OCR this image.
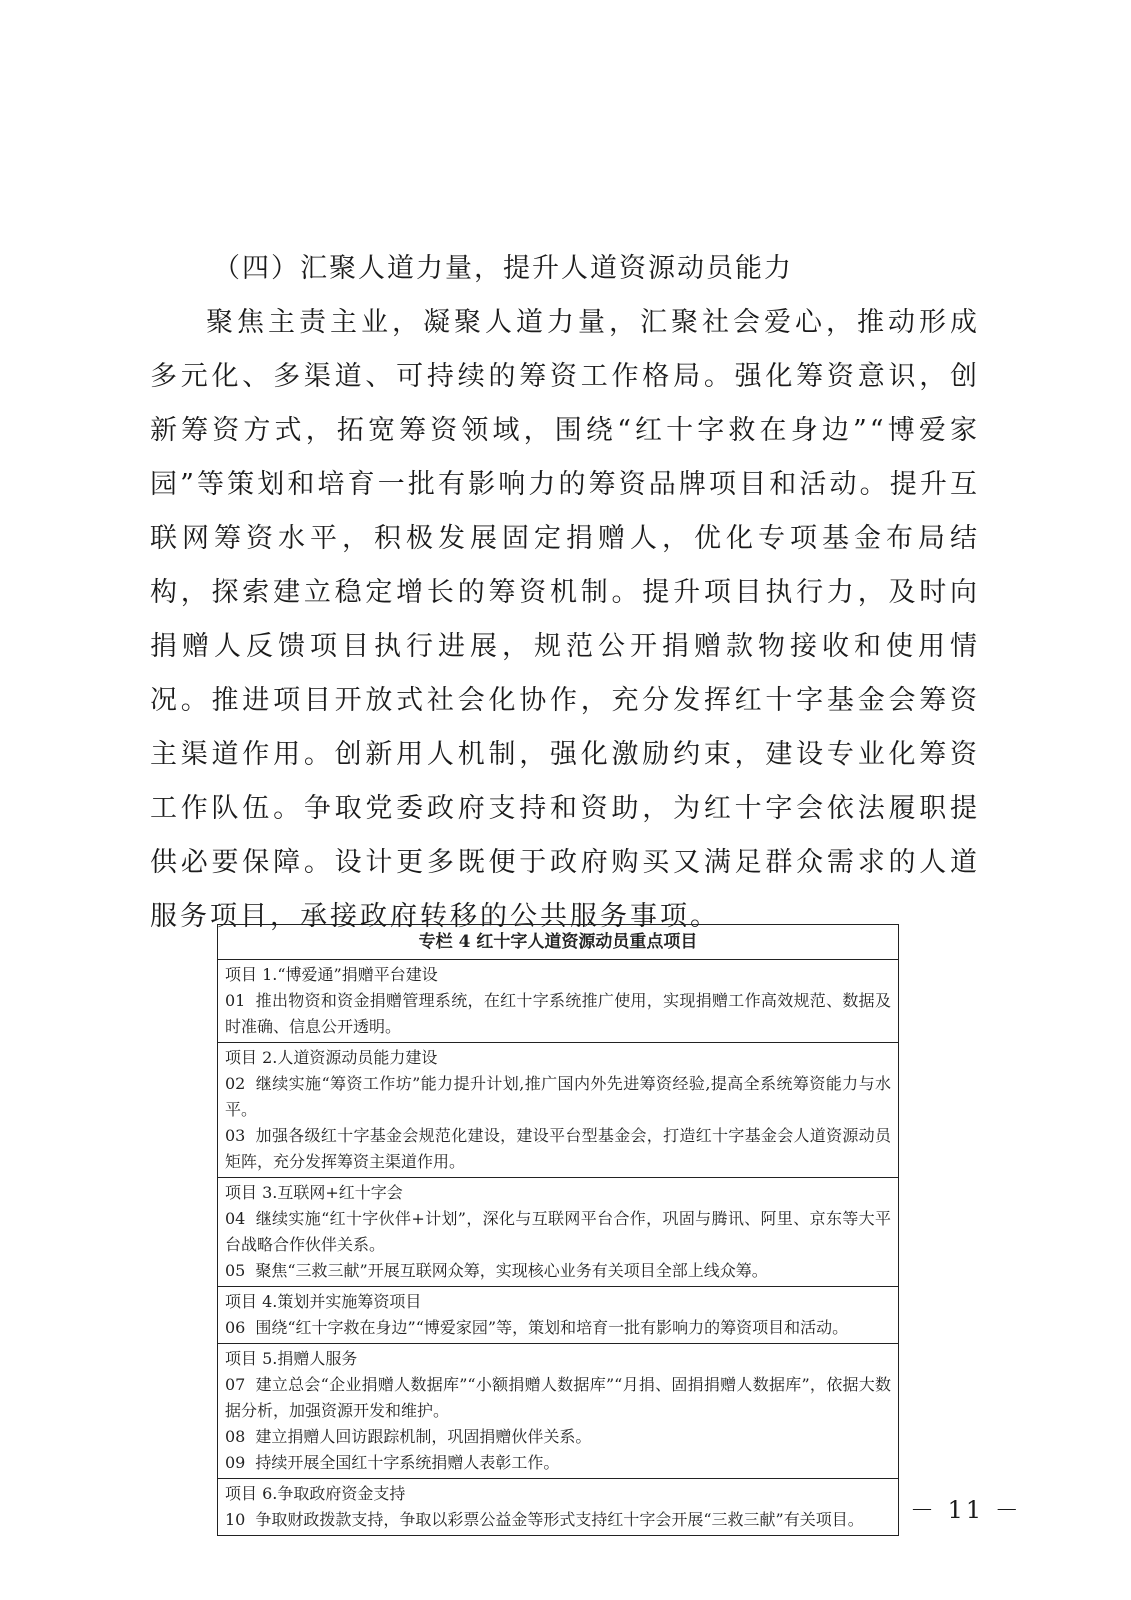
（四）汇聚人道力量，提升人道资源动员能力

聚焦主责主业，凝聚人道力量，汇聚社会爱心，推动形成多元化、多渠道、可持续的筹资工作格局。强化筹资意识，创新筹资方式，拓宽筹资领域，围绕“红十字救在身边”“博爱家园”等策划和培育一批有影响力的筹资品牌项目和活动。提升互联网筹资水平，积极发展固定捐赠人，优化专项基金布局结构，探索建立稳定增长的筹资机制。提升项目执行力，及时向捐赠人反馈项目执行进展，规范公开捐赠款物接收和使用情况。推进项目开放式社会化协作，充分发挥红十字基金会筹资主渠道作用。创新用人机制，强化激励约束，建设专业化筹资工作队伍。争取党委政府支持和资助，为红十字会依法履职提供必要保障。设计更多既便于政府购买又满足群众需求的人道服务项目，承接政府转移的公共服务事项。

专栏 4 红十字人道资源动员重点项目
项目 1.“博爱通”捐赠平台建设
01 推出物资和资金捐赠管理系统，在红十字系统推广使用，实现捐赠工作高效规范、数据及时准确、信息公开透明。
项目 2.人道资源动员能力建设
02 继续实施“筹资工作坊”能力提升计划,推广国内外先进筹资经验,提高全系统筹资能力与水平。
03 加强各级红十字基金会规范化建设，建设平台型基金会，打造红十字基金会人道资源动员矩阵，充分发挥筹资主渠道作用。
项目 3.互联网+红十字会
04 继续实施“红十字伙伴+计划”，深化与互联网平台合作，巩固与腾讯、阿里、京东等大平台战略合作伙伴关系。
05 聚焦“三救三献”开展互联网众筹，实现核心业务有关项目全部上线众筹。
项目 4.策划并实施筹资项目
06 围绕“红十字救在身边”“博爱家园”等，策划和培育一批有影响力的筹资项目和活动。
项目 5.捐赠人服务
07 建立总会“企业捐赠人数据库”“小额捐赠人数据库”“月捐、固捐捐赠人数据库”，依据大数据分析，加强资源开发和维护。
08 建立捐赠人回访跟踪机制，巩固捐赠伙伴关系。
09 持续开展全国红十字系统捐赠人表彰工作。
项目 6.争取政府资金支持
10 争取财政拨款支持，争取以彩票公益金等形式支持红十字会开展“三救三献”有关项目。	－ 11 －
